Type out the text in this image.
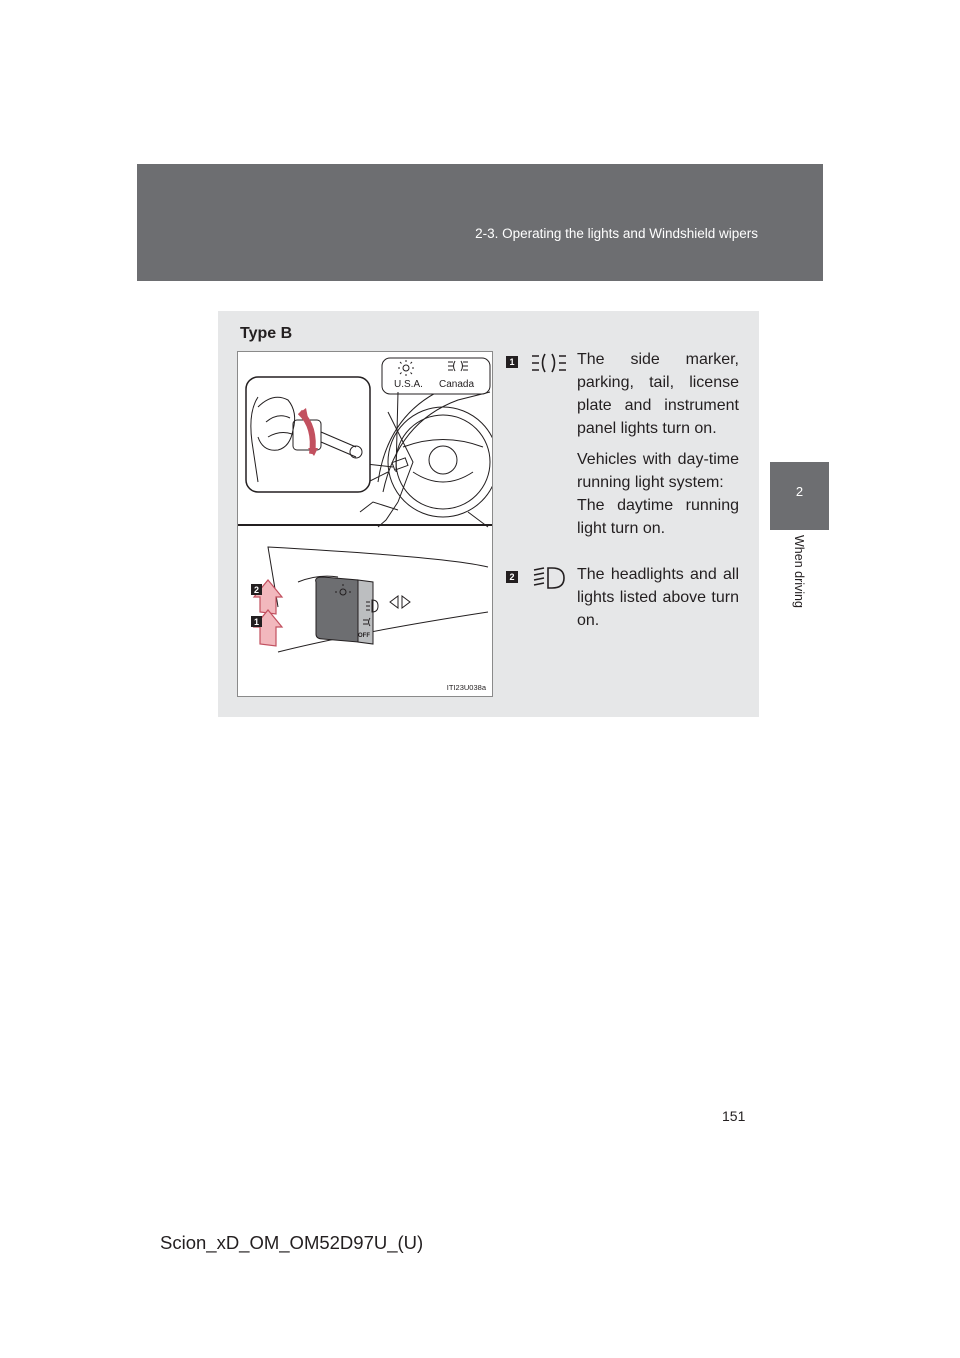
2-3. Operating the lights and Windshield wipers
2
When driving
Type B
U.S.A. Canada
OFF
2
1
ITI23U038a
1	The side marker, parking, tail, license plate and instrument panel lights turn on.

Vehicles with day-time running light system:

The daytime running light turn on.

2	The headlights and all lights listed above turn on.

151
Scion_xD_OM_OM52D97U_(U)
